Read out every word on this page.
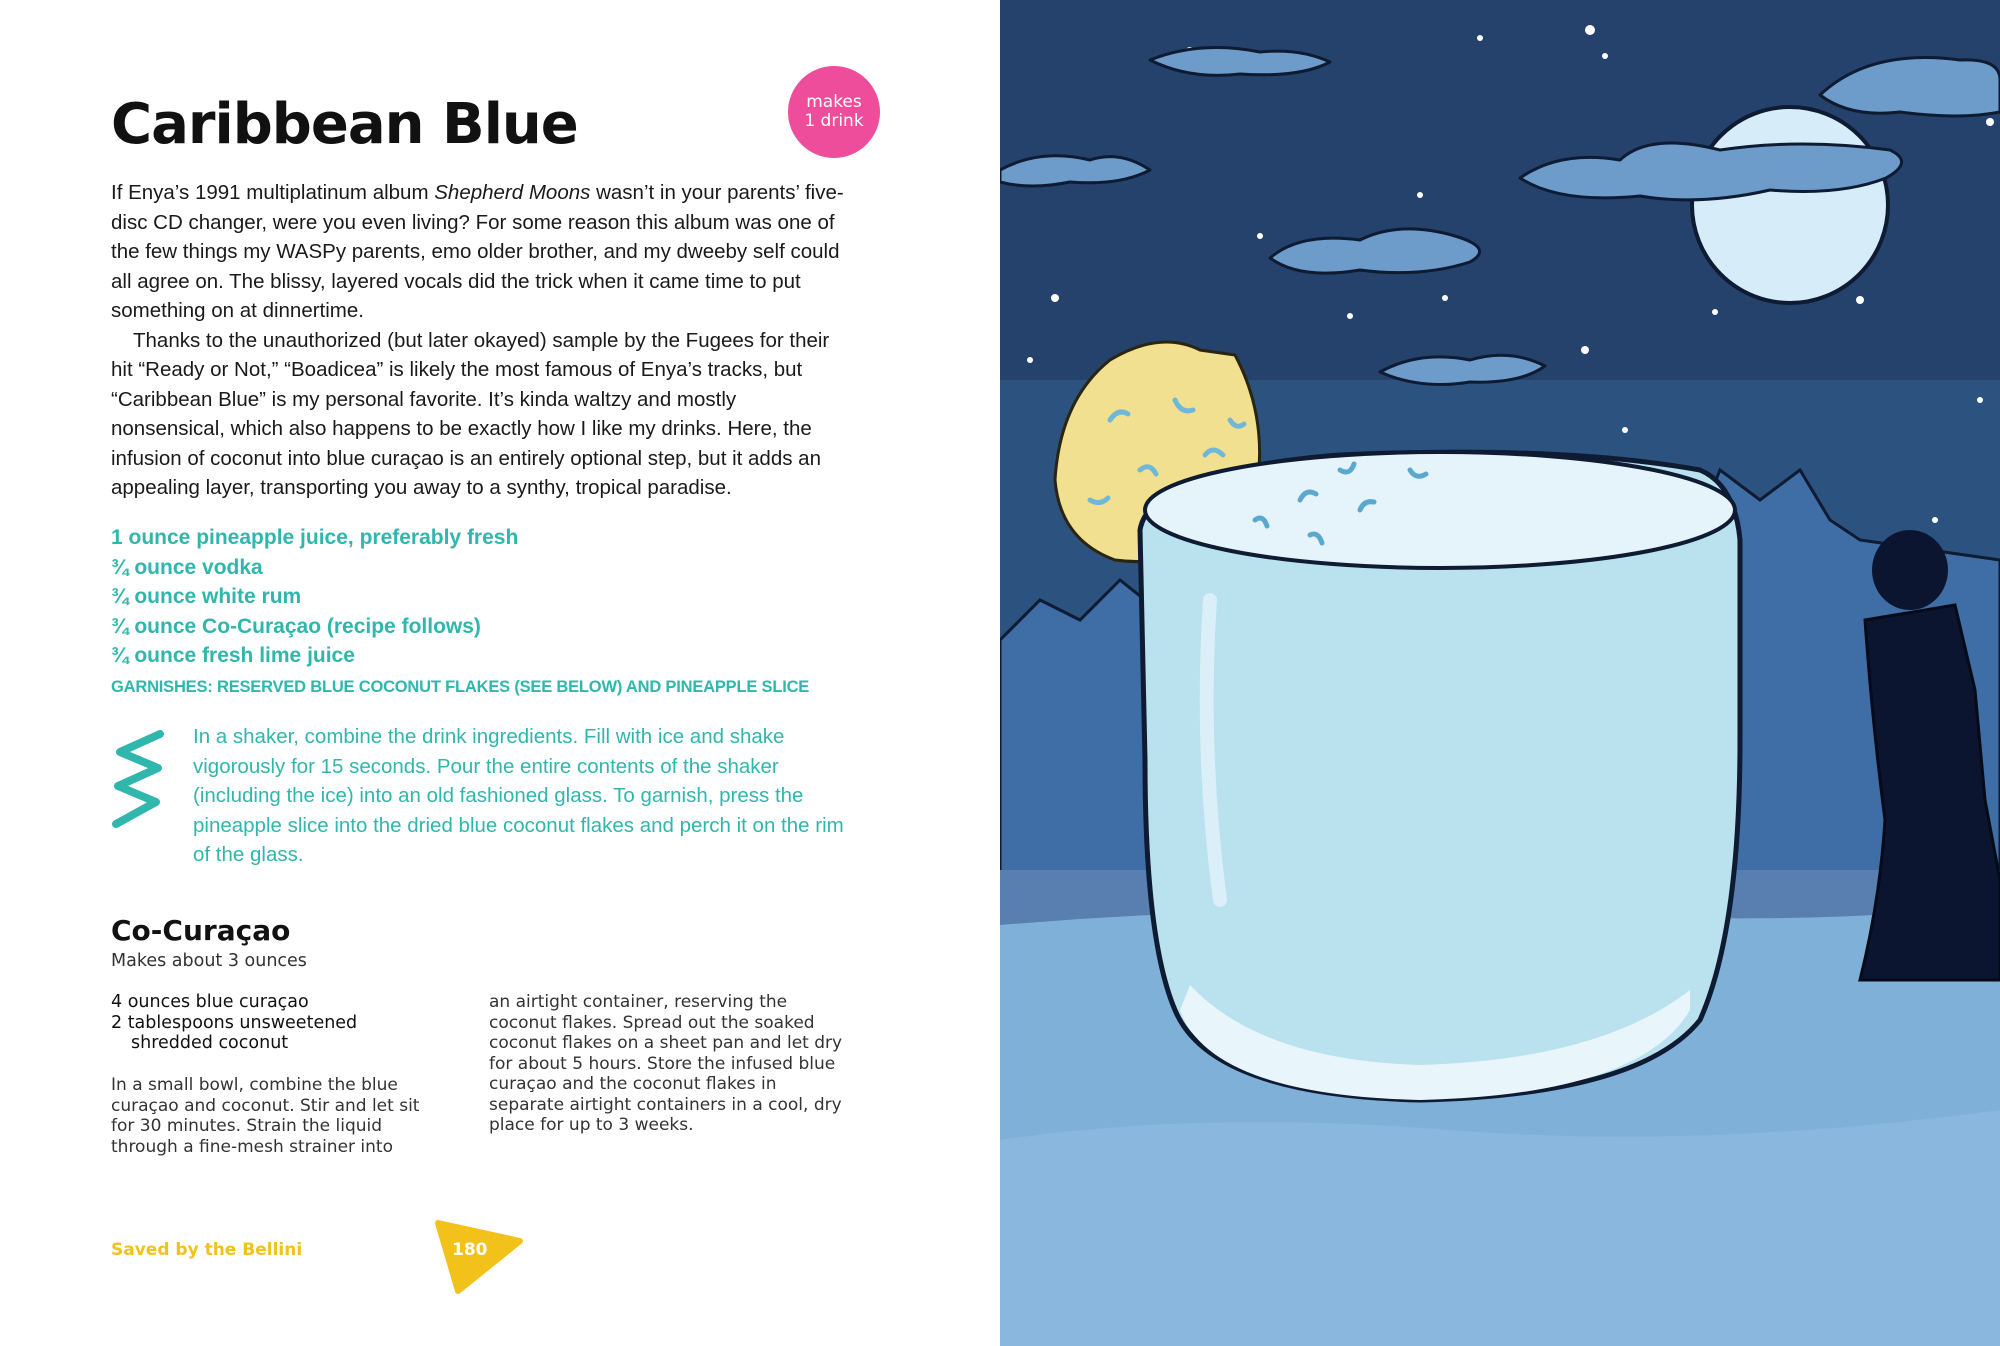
Caribbean Blue	makes
1 drink

If Enya’s 1991 multiplatinum album Shepherd Moons wasn’t in your parents’ five-disc CD changer, were you even living? For some reason this album was one of the few things my WASPy parents, emo older brother, and my dweeby self could all agree on. The blissy, layered vocals did the trick when it came time to put something on at dinnertime.

Thanks to the unauthorized (but later okayed) sample by the Fugees for their hit “Ready or Not,” “Boadicea” is likely the most famous of Enya’s tracks, but “Caribbean Blue” is my personal favorite. It’s kinda waltzy and mostly nonsensical, which also happens to be exactly how I like my drinks. Here, the infusion of coconut into blue curaçao is an entirely optional step, but it adds an appealing layer, transporting you away to a synthy, tropical paradise.

1 ounce pineapple juice, preferably fresh
¾ ounce vodka
¾ ounce white rum
¾ ounce Co-Curaçao (recipe follows)
¾ ounce fresh lime juice
GARNISHES: RESERVED BLUE COCONUT FLAKES (SEE BELOW) AND PINEAPPLE SLICE

In a shaker, combine the drink ingredients. Fill with ice and shake vigorously for 15 seconds. Pour the entire contents of the shaker (including the ice) into an old fashioned glass. To garnish, press the pineapple slice into the dried blue coconut flakes and perch it on the rim of the glass.

Co-Curaçao
Makes about 3 ounces
4 ounces blue curaçao
2 tablespoons unsweetened
shredded coconut

In a small bowl, combine the blue curaçao and coconut. Stir and let sit for 30 minutes. Strain the liquid through a fine-mesh strainer into

an airtight container, reserving the coconut flakes. Spread out the soaked coconut flakes on a sheet pan and let dry for about 5 hours. Store the infused blue curaçao and the coconut flakes in separate airtight containers in a cool, dry place for up to 3 weeks.

Saved by the Bellini	180
